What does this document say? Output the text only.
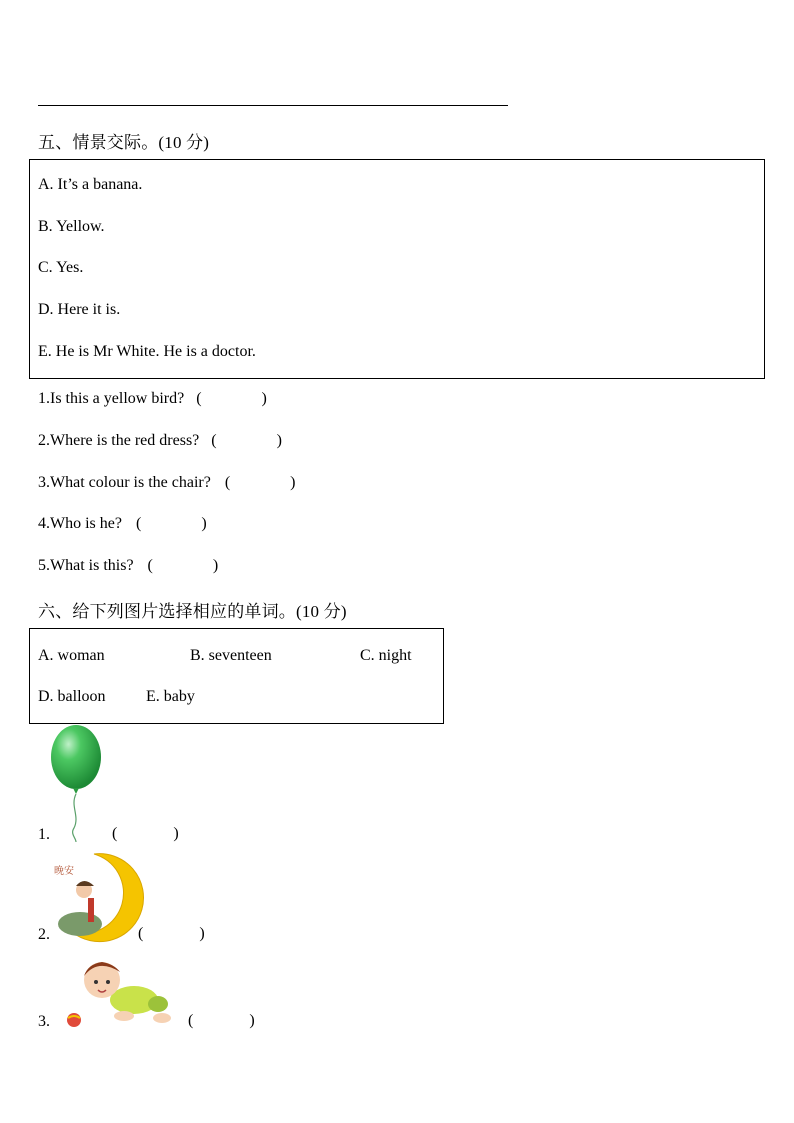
五、情景交际。(10 分)
A. It’s a banana.
B. Yellow.
C. Yes.
D. Here it is.
E. He is Mr White. He is a doctor.
1.Is this a yellow bird? (	)
2.Where is the red dress? (	)
3.What colour is the chair? (	)
4.Who is he? (	)
5.What is this? (	)
六、给下列图片选择相应的单词。(10 分)
A. woman	B. seventeen	C. night
D. balloon	E. baby
1.	(	)
晚安
2.	(	)
3.	(	)
